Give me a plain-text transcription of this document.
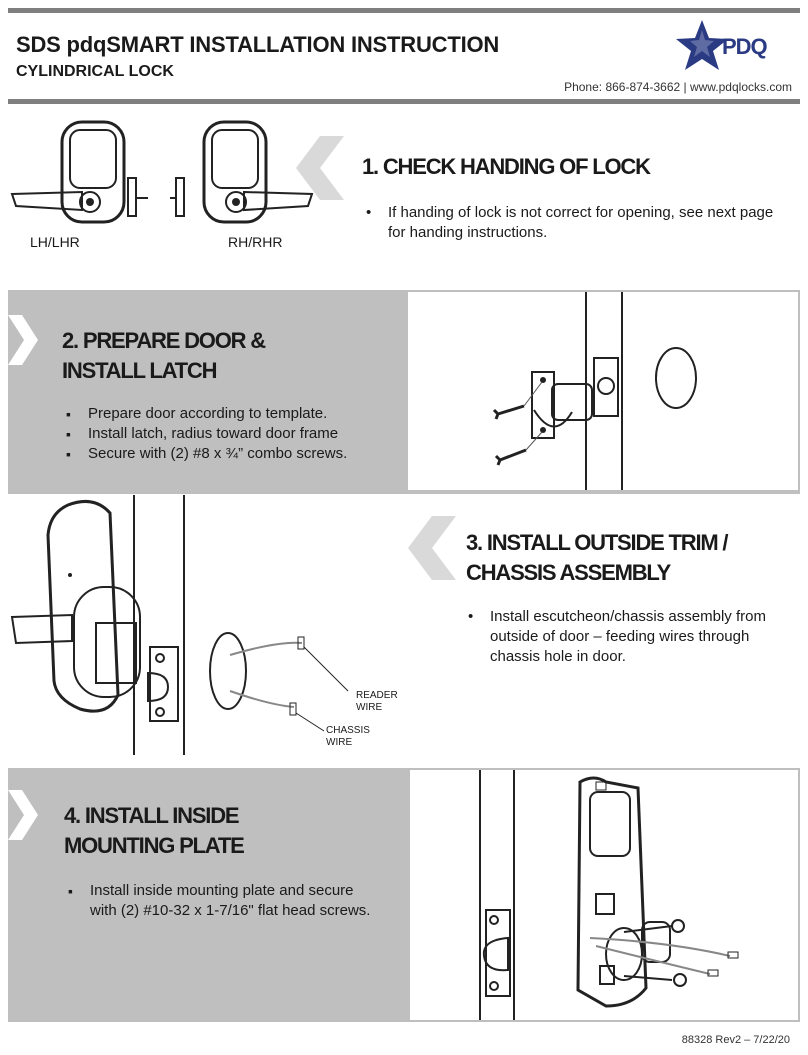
SDS pdqSMART INSTALLATION INSTRUCTION
CYLINDRICAL LOCK
PDQ
Phone: 866-874-3662 | www.pdqlocks.com
LH/LHR	RH/RHR
1. CHECK HANDING OF LOCK
• If handing of lock is not correct for opening, see next page for handing instructions.
2. PREPARE DOOR &
INSTALL LATCH
▪ Prepare door according to template.
▪ Install latch, radius toward door frame
▪ Secure with (2) #8 x ¾” combo screws.
READER WIRE
CHASSIS WIRE
3. INSTALL OUTSIDE TRIM /
CHASSIS ASSEMBLY
• Install escutcheon/chassis assembly from outside of door – feeding wires through chassis hole in door.
4. INSTALL INSIDE
MOUNTING PLATE
▪ Install inside mounting plate and secure with (2) #10-32 x 1-7/16" flat head screws.
88328 Rev2 – 7/22/20
